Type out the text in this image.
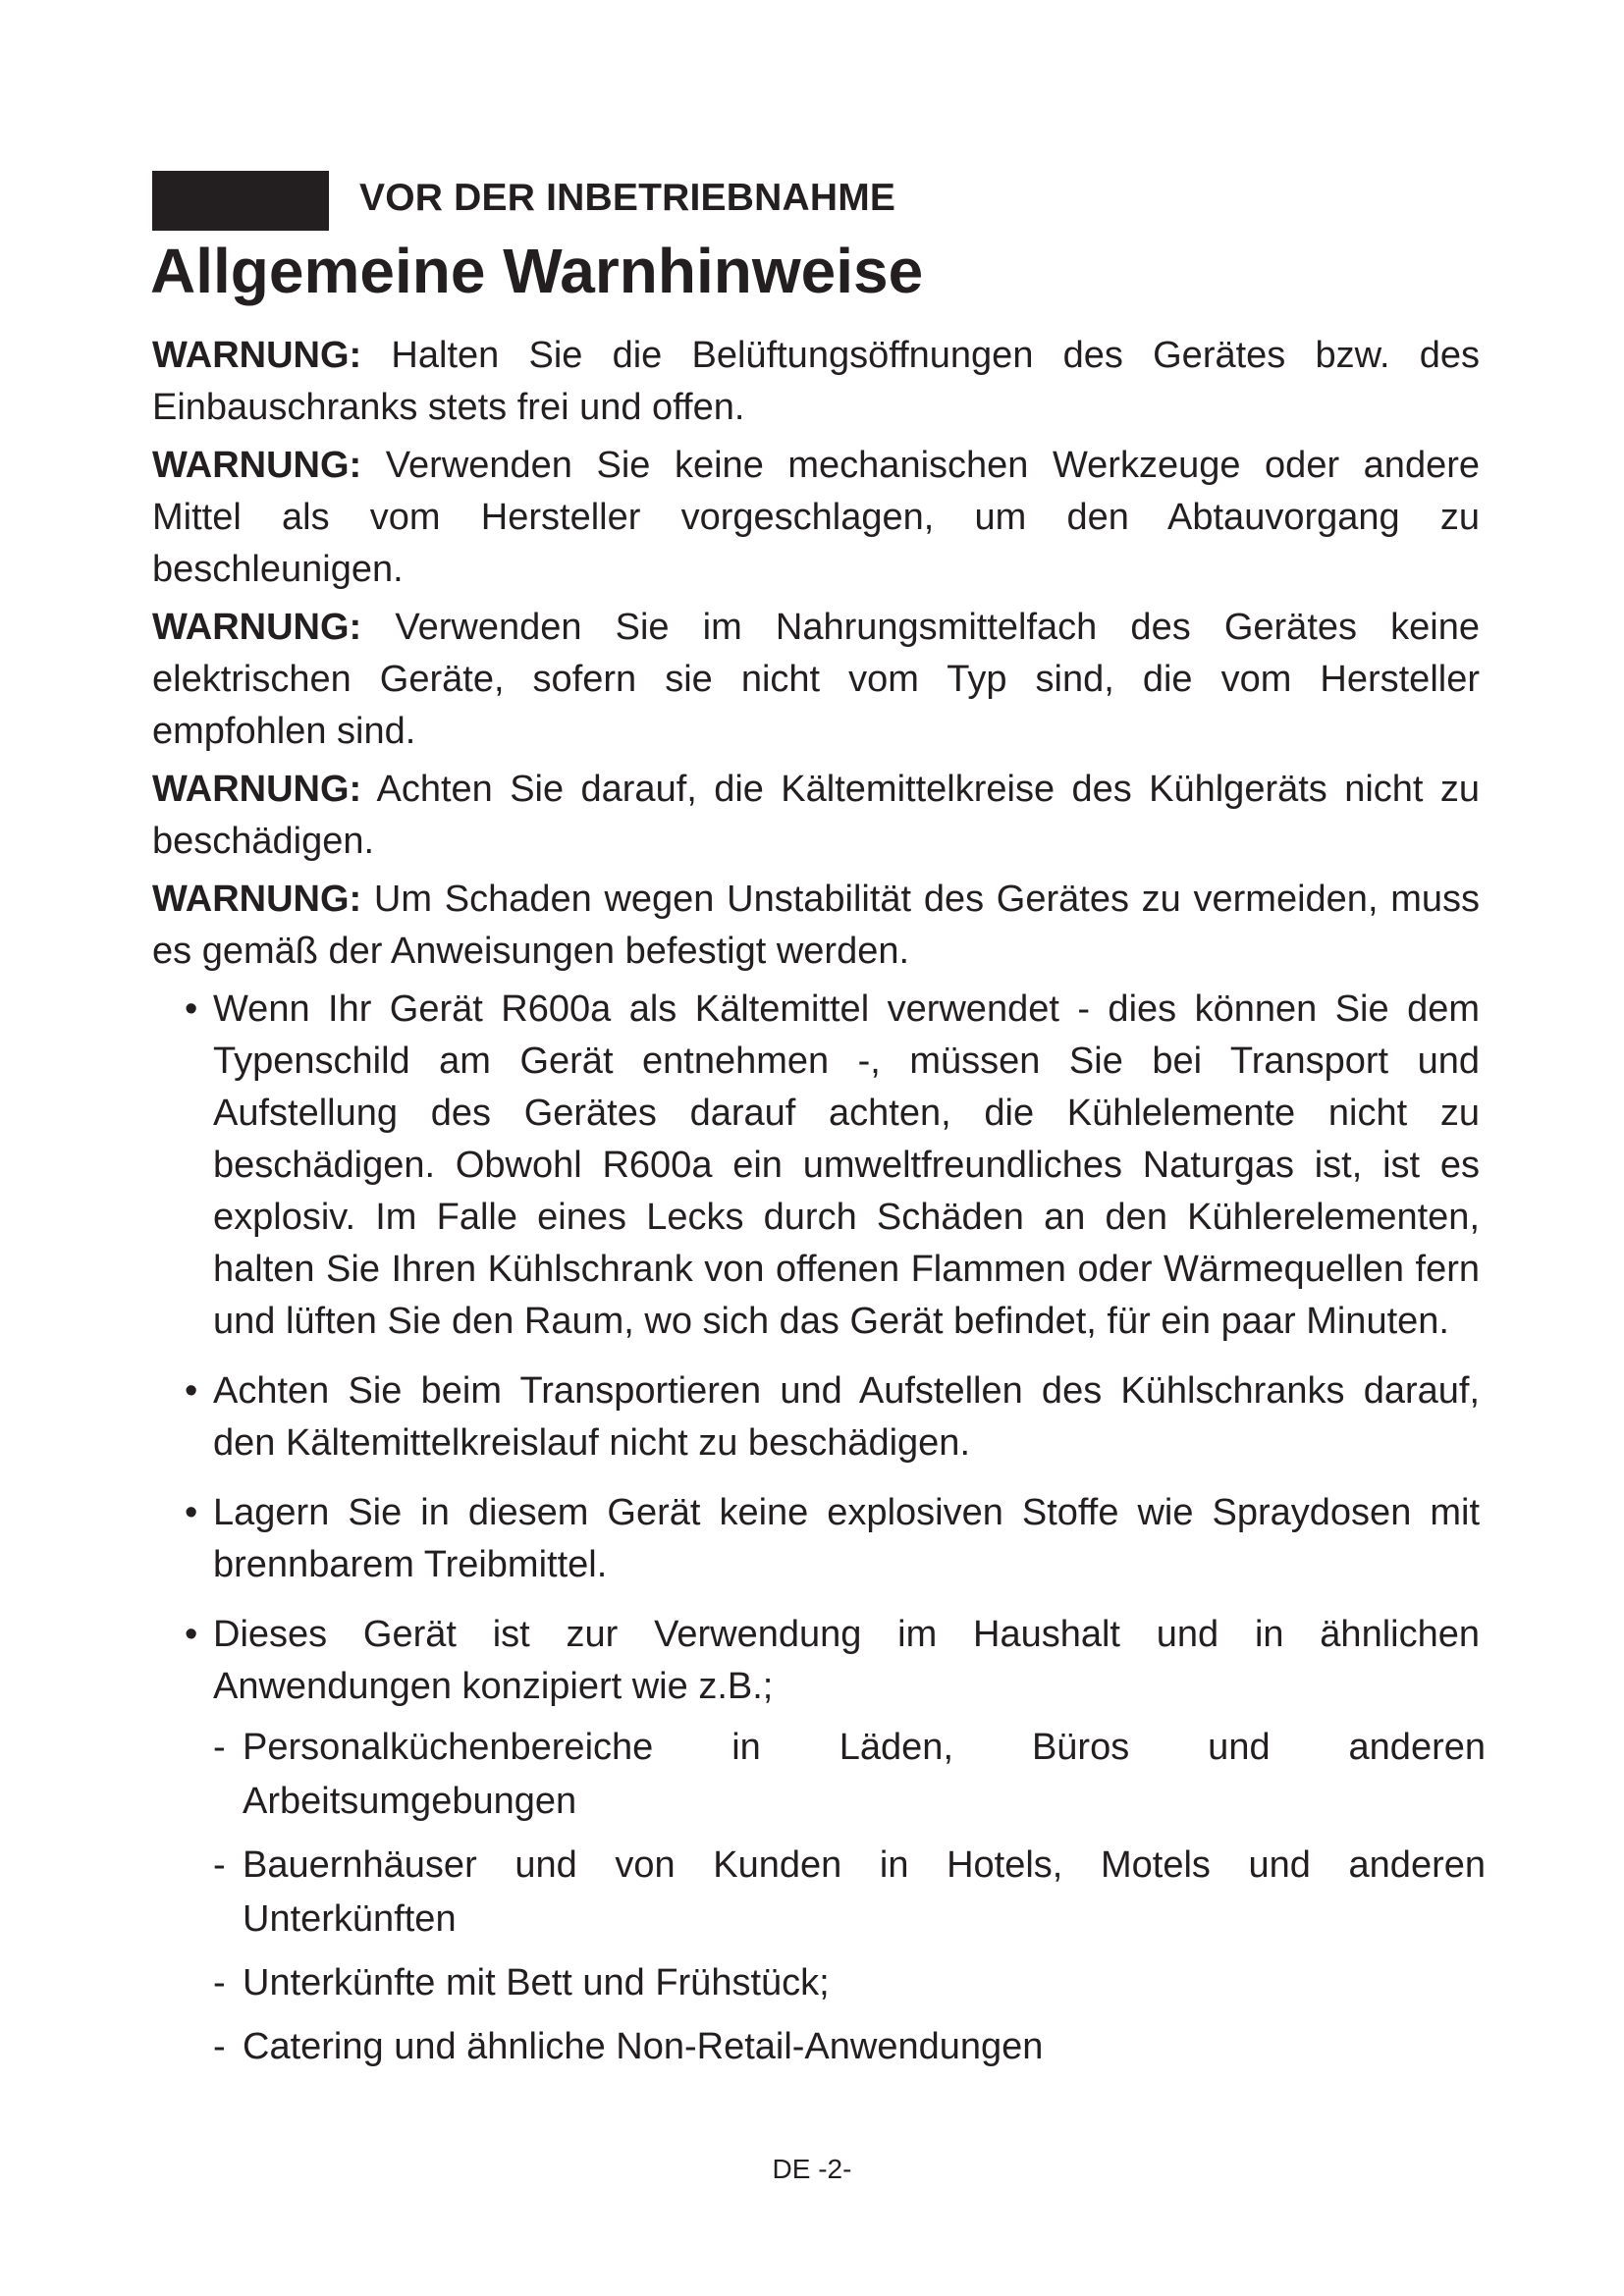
VOR DER INBETRIEBNAHME
Allgemeine Warnhinweise

WARNUNG: Halten Sie die Belüftungsöffnungen des Gerätes bzw. des Einbauschranks stets frei und offen.

WARNUNG: Verwenden Sie keine mechanischen Werkzeuge oder andere Mittel als vom Hersteller vorgeschlagen, um den Abtauvorgang zu beschleunigen.

WARNUNG: Verwenden Sie im Nahrungsmittelfach des Gerätes keine elektrischen Geräte, sofern sie nicht vom Typ sind, die vom Hersteller empfohlen sind.

WARNUNG: Achten Sie darauf, die Kältemittelkreise des Kühlgeräts nicht zu beschädigen.

WARNUNG: Um Schaden wegen Unstabilität des Gerätes zu vermeiden, muss es gemäß der Anweisungen befestigt werden.

• Wenn Ihr Gerät R600a als Kältemittel verwendet - dies können Sie dem Typenschild am Gerät entnehmen -, müssen Sie bei Transport und Aufstellung des Gerätes darauf achten, die Kühlelemente nicht zu beschädigen. Obwohl R600a ein umweltfreundliches Naturgas ist, ist es explosiv. Im Falle eines Lecks durch Schäden an den Kühlerelementen, halten Sie Ihren Kühlschrank von offenen Flammen oder Wärmequellen fern und lüften Sie den Raum, wo sich das Gerät befindet, für ein paar Minuten.
• Achten Sie beim Transportieren und Aufstellen des Kühlschranks darauf, den Kältemittelkreislauf nicht zu beschädigen.
• Lagern Sie in diesem Gerät keine explosiven Stoffe wie Spraydosen mit brennbarem Treibmittel.
• Dieses Gerät ist zur Verwendung im Haushalt und in ähnlichen Anwendungen konzipiert wie z.B.;
- Personalküchenbereiche in Läden, Büros und anderen Arbeitsumgebungen
- Bauernhäuser und von Kunden in Hotels, Motels und anderen Unterkünften
- Unterkünfte mit Bett und Frühstück;
- Catering und ähnliche Non-Retail-Anwendungen
DE -2-
